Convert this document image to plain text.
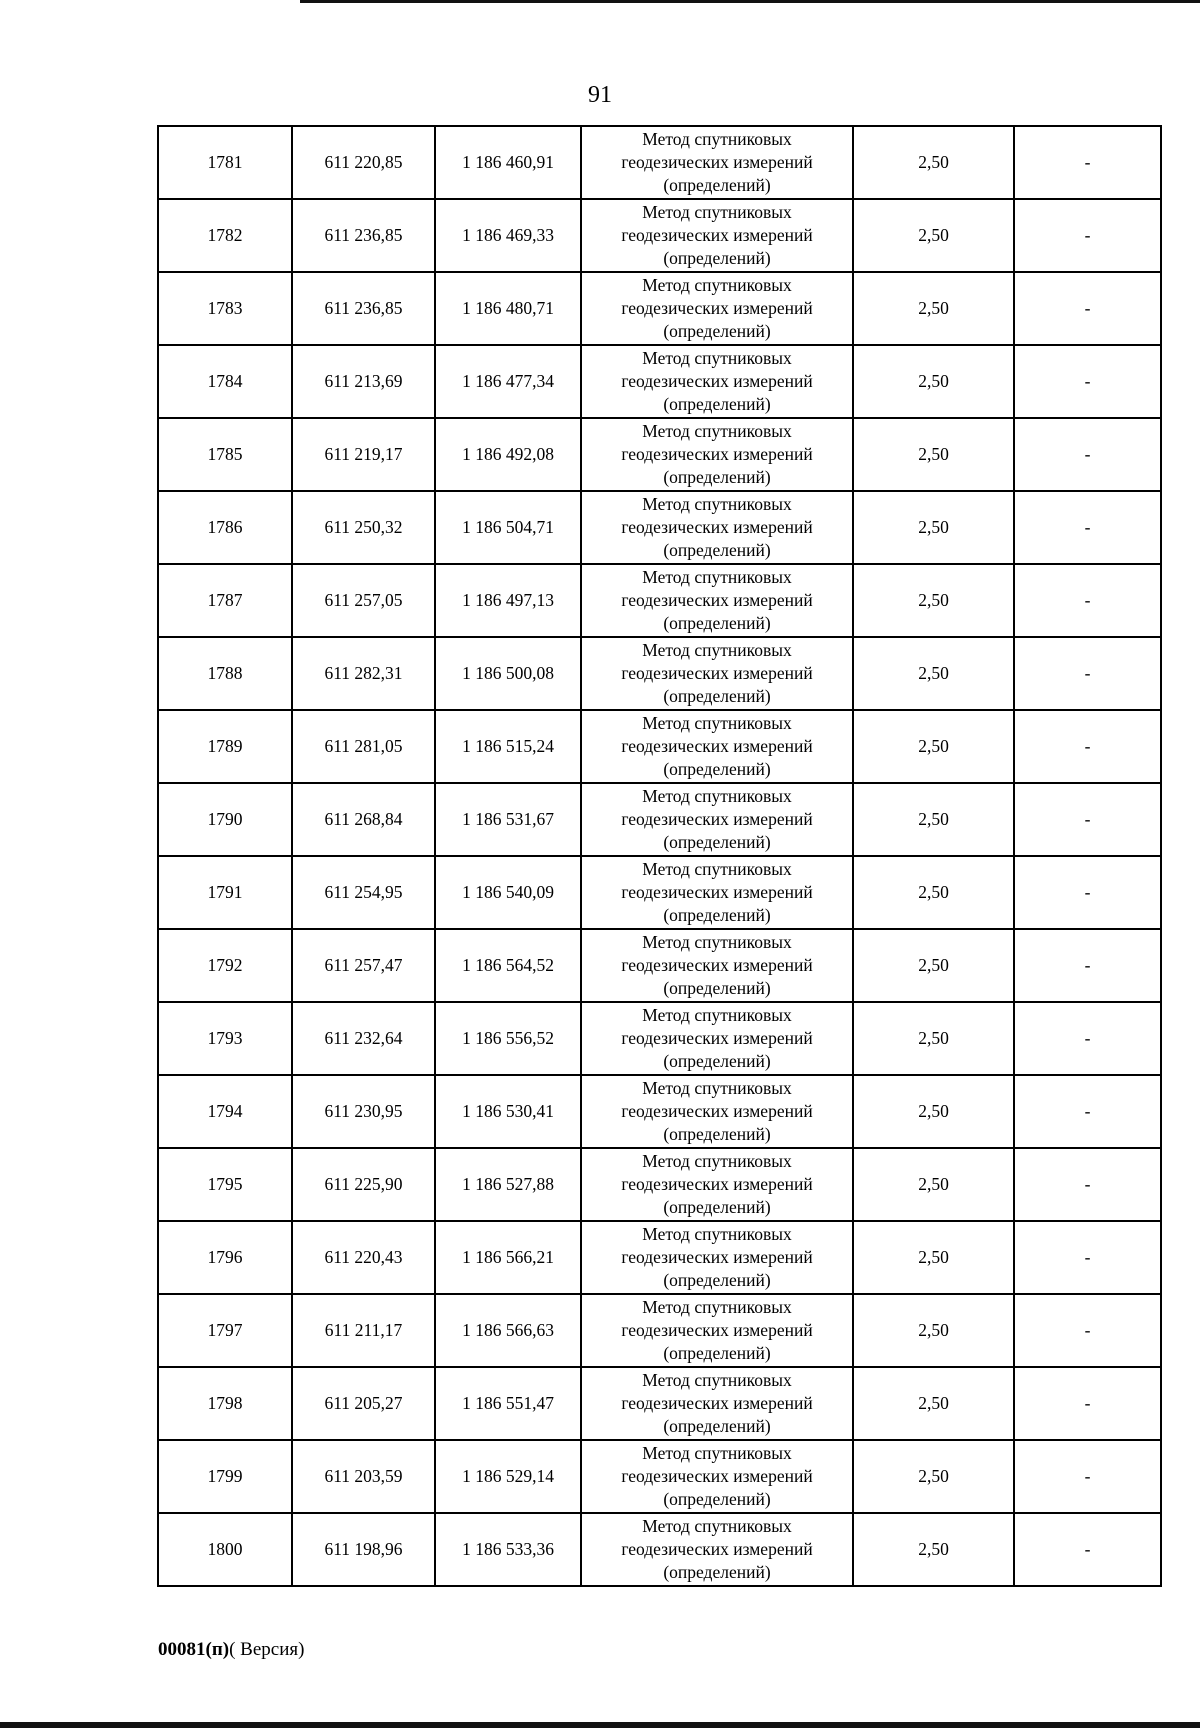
91
1781	611 220,85	1 186 460,91	Метод спутниковых
геодезических измерений
(определений)	2,50	-
1782	611 236,85	1 186 469,33	Метод спутниковых
геодезических измерений
(определений)	2,50	-
1783	611 236,85	1 186 480,71	Метод спутниковых
геодезических измерений
(определений)	2,50	-
1784	611 213,69	1 186 477,34	Метод спутниковых
геодезических измерений
(определений)	2,50	-
1785	611 219,17	1 186 492,08	Метод спутниковых
геодезических измерений
(определений)	2,50	-
1786	611 250,32	1 186 504,71	Метод спутниковых
геодезических измерений
(определений)	2,50	-
1787	611 257,05	1 186 497,13	Метод спутниковых
геодезических измерений
(определений)	2,50	-
1788	611 282,31	1 186 500,08	Метод спутниковых
геодезических измерений
(определений)	2,50	-
1789	611 281,05	1 186 515,24	Метод спутниковых
геодезических измерений
(определений)	2,50	-
1790	611 268,84	1 186 531,67	Метод спутниковых
геодезических измерений
(определений)	2,50	-
1791	611 254,95	1 186 540,09	Метод спутниковых
геодезических измерений
(определений)	2,50	-
1792	611 257,47	1 186 564,52	Метод спутниковых
геодезических измерений
(определений)	2,50	-
1793	611 232,64	1 186 556,52	Метод спутниковых
геодезических измерений
(определений)	2,50	-
1794	611 230,95	1 186 530,41	Метод спутниковых
геодезических измерений
(определений)	2,50	-
1795	611 225,90	1 186 527,88	Метод спутниковых
геодезических измерений
(определений)	2,50	-
1796	611 220,43	1 186 566,21	Метод спутниковых
геодезических измерений
(определений)	2,50	-
1797	611 211,17	1 186 566,63	Метод спутниковых
геодезических измерений
(определений)	2,50	-
1798	611 205,27	1 186 551,47	Метод спутниковых
геодезических измерений
(определений)	2,50	-
1799	611 203,59	1 186 529,14	Метод спутниковых
геодезических измерений
(определений)	2,50	-
1800	611 198,96	1 186 533,36	Метод спутниковых
геодезических измерений
(определений)	2,50	-
00081(п)( Версия)
